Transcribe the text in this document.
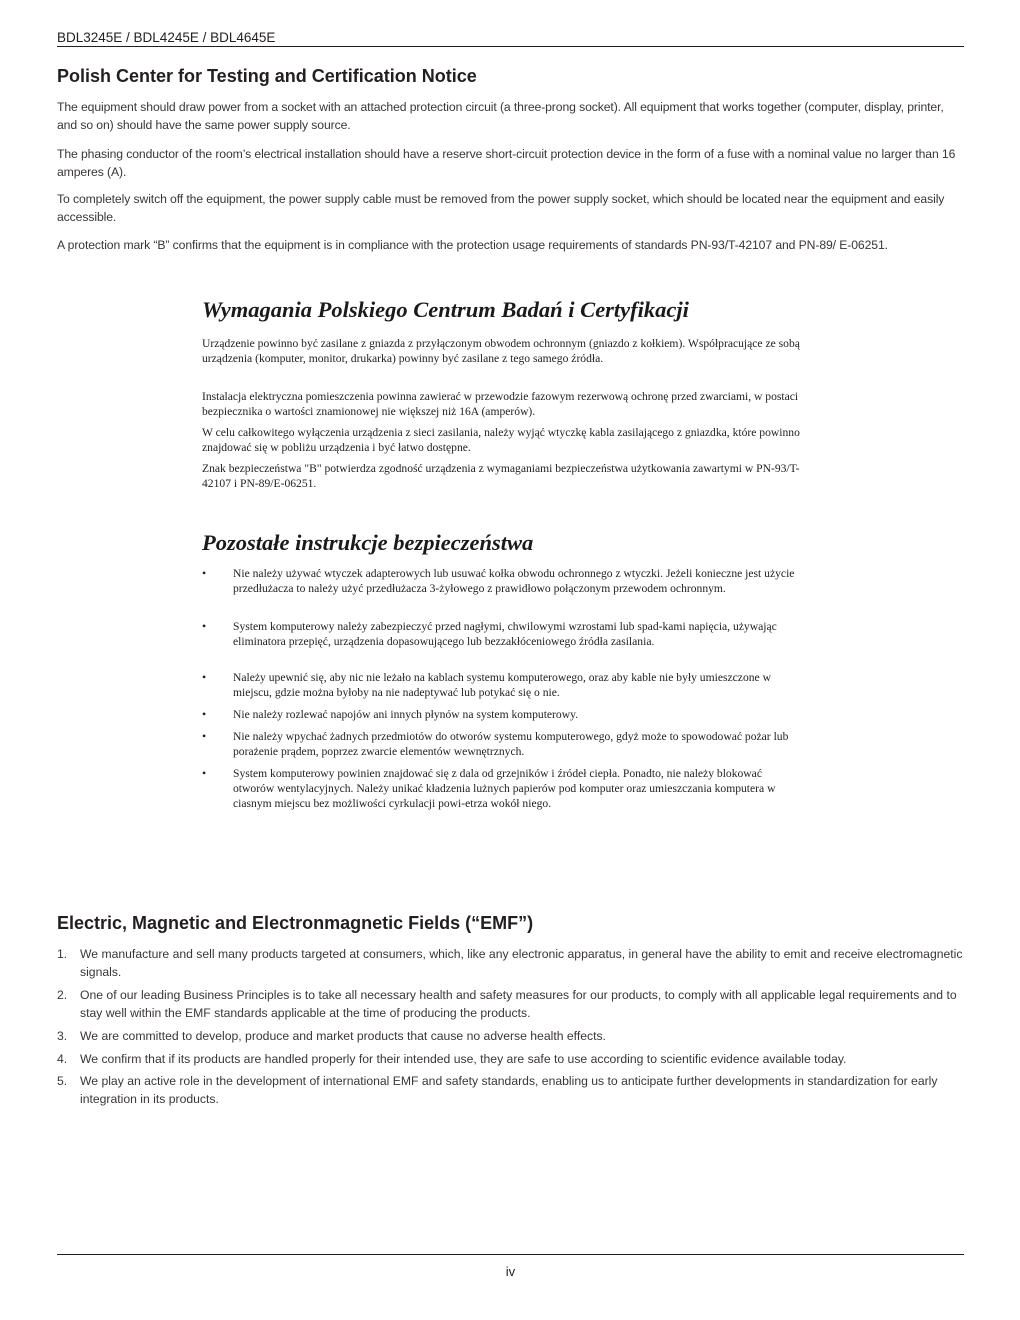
BDL3245E / BDL4245E / BDL4645E
Polish Center for Testing and Certification Notice

The equipment should draw power from a socket with an attached protection circuit (a three-prong socket). All equipment that works together (computer, display, printer, and so on) should have the same power supply source.

The phasing conductor of the room’s electrical installation should have a reserve short-circuit protection device in the form of a fuse with a nominal value no larger than 16 amperes (A).

To completely switch off the equipment, the power supply cable must be removed from the power supply socket, which should be located near the equipment and easily accessible.

A protection mark “B” confirms that the equipment is in compliance with the protection usage requirements of standards PN-93/T-42107 and PN-89/ E-06251.

Wymagania Polskiego Centrum Badań i Certyfikacji

Urządzenie powinno być zasilane z gniazda z przyłączonym obwodem ochronnym (gniazdo z kołkiem). Współpracujące ze sobą urządzenia (komputer, monitor, drukarka) powinny być zasilane z tego samego źródła.

Instalacja elektryczna pomieszczenia powinna zawierać w przewodzie fazowym rezerwową ochronę przed zwarciami, w postaci bezpiecznika o wartości znamionowej nie większej niż 16A (amperów).

W celu całkowitego wyłączenia urządzenia z sieci zasilania, należy wyjąć wtyczkę kabla zasilającego z gniazdka, które powinno znajdować się w pobliżu urządzenia i być łatwo dostępne.

Znak bezpieczeństwa "B" potwierdza zgodność urządzenia z wymaganiami bezpieczeństwa użytkowania zawartymi w PN-93/T-42107 i PN-89/E-06251.

Pozostałe instrukcje bezpieczeństwa
• Nie należy używać wtyczek adapterowych lub usuwać kołka obwodu ochronnego z wtyczki. Jeżeli konieczne jest użycie przedłużacza to należy użyć przedłużacza 3-żyłowego z prawidłowo połączonym przewodem ochronnym.
• System komputerowy należy zabezpieczyć przed nagłymi, chwilowymi wzrostami lub spad-kami napięcia, używając eliminatora przepięć, urządzenia dopasowującego lub bezzakłóceniowego źródła zasilania.
• Należy upewnić się, aby nic nie leżało na kablach systemu komputerowego, oraz aby kable nie były umieszczone w miejscu, gdzie można byłoby na nie nadeptywać lub potykać się o nie.
• Nie należy rozlewać napojów ani innych płynów na system komputerowy.
• Nie należy wpychać żadnych przedmiotów do otworów systemu komputerowego, gdyż może to spowodować pożar lub porażenie prądem, poprzez zwarcie elementów wewnętrznych.
• System komputerowy powinien znajdować się z dala od grzejników i źródeł ciepła. Ponadto, nie należy blokować otworów wentylacyjnych. Należy unikać kładzenia lużnych papierów pod komputer oraz umieszczania komputera w ciasnym miejscu bez możliwości cyrkulacji powi-etrza wokół niego.
Electric, Magnetic and Electronmagnetic Fields (“EMF”)
1.	We manufacture and sell many products targeted at consumers, which, like any electronic apparatus, in general have the ability to emit and receive electromagnetic signals.
2.	One of our leading Business Principles is to take all necessary health and safety measures for our products, to comply with all applicable legal requirements and to stay well within the EMF standards applicable at the time of producing the products.
3.	We are committed to develop, produce and market products that cause no adverse health effects.
4.	We confirm that if its products are handled properly for their intended use, they are safe to use according to scientific evidence available today.
5.	We play an active role in the development of international EMF and safety standards, enabling us to anticipate further developments in standardization for early integration in its products.
iv
